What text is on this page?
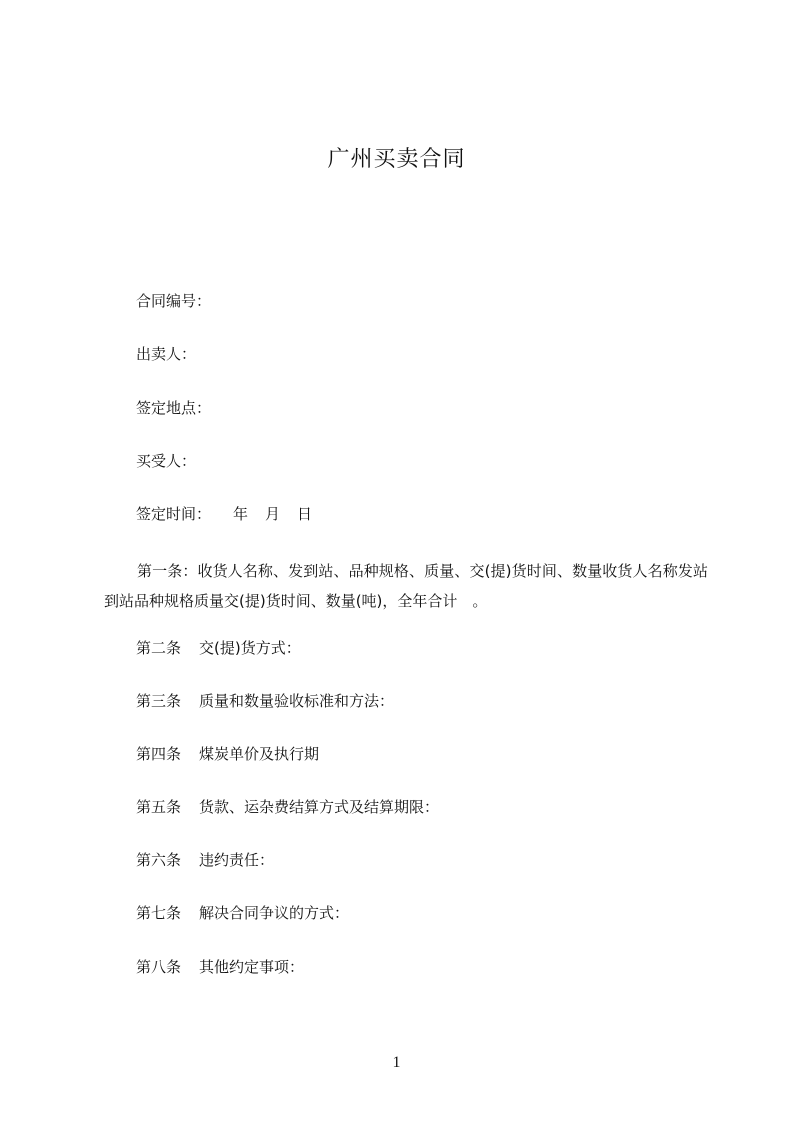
广州买卖合同
合同编号：
出卖人：
签定地点：
买受人：
签定时间： 年 月 日
第一条：收货人名称、发到站、品种规格、质量、交(提)货时间、数量收货人名称发站到站品种规格质量交(提)货时间、数量(吨)，全年合计　。
第二条 交(提)货方式：
第三条 质量和数量验收标准和方法：
第四条 煤炭单价及执行期
第五条 货款、运杂费结算方式及结算期限：
第六条 违约责任：
第七条 解决合同争议的方式：
第八条 其他约定事项：
1
